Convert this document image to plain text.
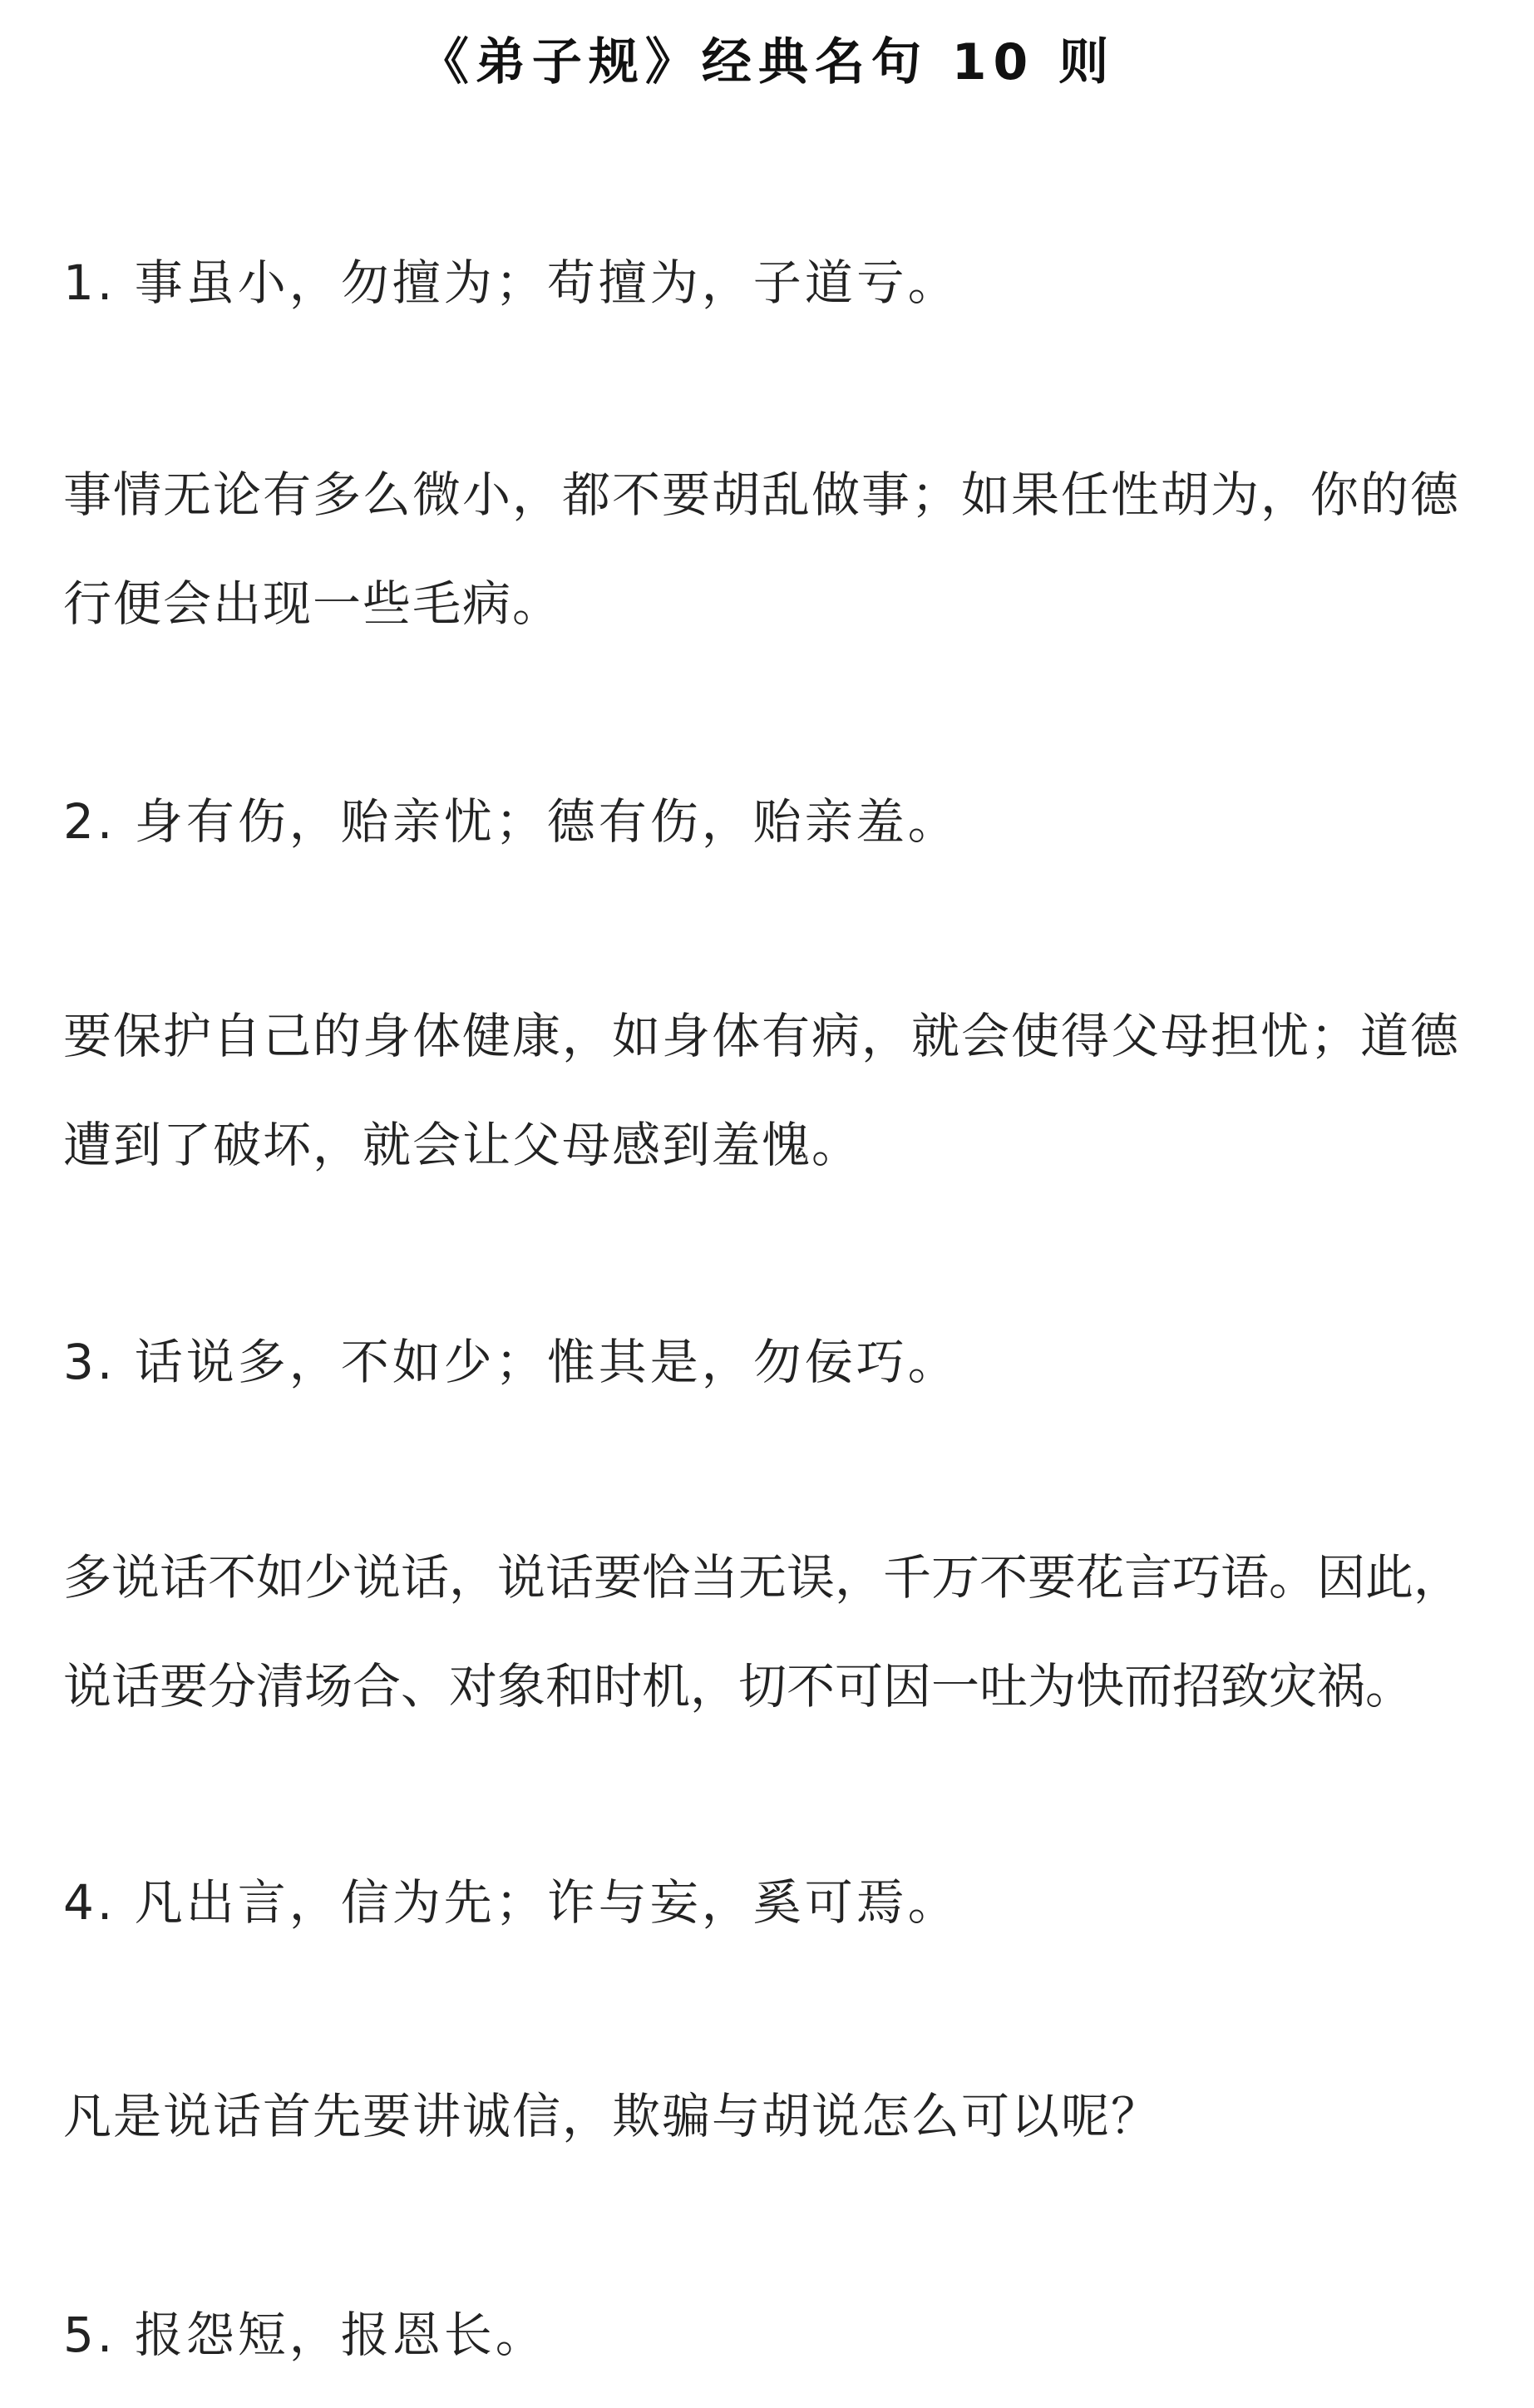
《弟子规》经典名句 10 则
1. 事虽小，勿擅为；苟擅为，子道亏。
事情无论有多么微小，都不要胡乱做事；如果任性胡为，你的德
行便会出现一些毛病。
2. 身有伤，贻亲忧；德有伤，贻亲羞。
要保护自己的身体健康，如身体有病，就会使得父母担忧；道德
遭到了破坏，就会让父母感到羞愧。
3. 话说多，不如少；惟其是，勿佞巧。
多说话不如少说话，说话要恰当无误，千万不要花言巧语。因此，
说话要分清场合、对象和时机，切不可因一吐为快而招致灾祸。
4. 凡出言，信为先；诈与妄，奚可焉。
凡是说话首先要讲诚信，欺骗与胡说怎么可以呢？
5. 报怨短，报恩长。
